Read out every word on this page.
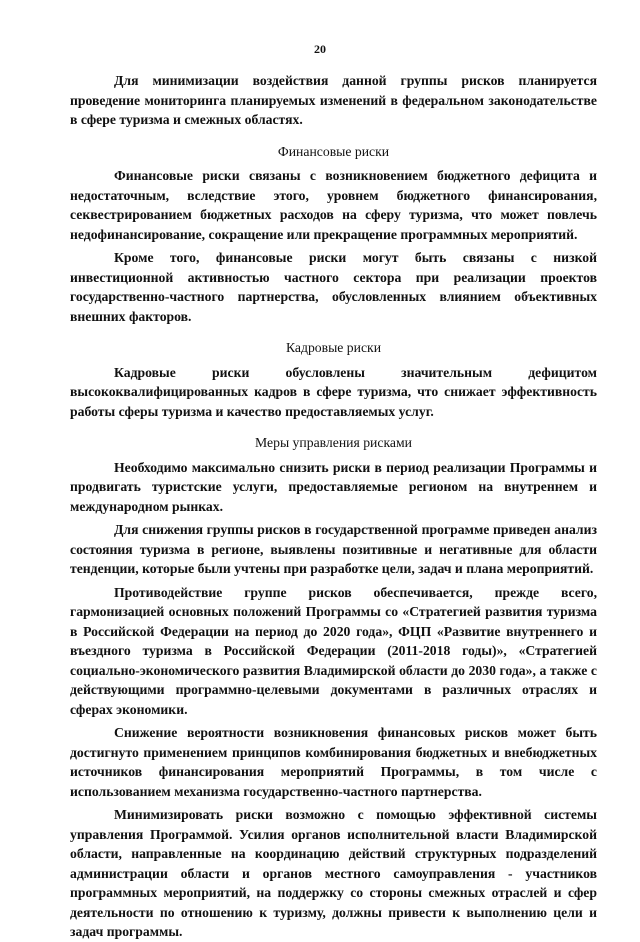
20

Для минимизации воздействия данной группы рисков планируется проведение мониторинга планируемых изменений в федеральном законодательстве в сфере туризма и смежных областях.

Финансовые риски

Финансовые риски связаны с возникновением бюджетного дефицита и недостаточным, вследствие этого, уровнем бюджетного финансирования, секвестрированием бюджетных расходов на сферу туризма, что может повлечь недофинансирование, сокращение или прекращение программных мероприятий.

Кроме того, финансовые риски могут быть связаны с низкой инвестиционной активностью частного сектора при реализации проектов государственно-частного партнерства, обусловленных влиянием объективных внешних факторов.

Кадровые риски

Кадровые риски обусловлены значительным дефицитом высококвалифицированных кадров в сфере туризма, что снижает эффективность работы сферы туризма и качество предоставляемых услуг.

Меры управления рисками

Необходимо максимально снизить риски в период реализации Программы и продвигать туристские услуги, предоставляемые регионом на внутреннем и международном рынках.

Для снижения группы рисков в государственной программе приведен анализ состояния туризма в регионе, выявлены позитивные и негативные для области тенденции, которые были учтены при разработке цели, задач и плана мероприятий.

Противодействие группе рисков обеспечивается, прежде всего, гармонизацией основных положений Программы со «Стратегией развития туризма в Российской Федерации на период до 2020 года», ФЦП «Развитие внутреннего и въездного туризма в Российской Федерации (2011-2018 годы)», «Стратегией социально-экономического развития Владимирской области до 2030 года», а также с действующими программно-целевыми документами в различных отраслях и сферах экономики.

Снижение вероятности возникновения финансовых рисков может быть достигнуто применением принципов комбинирования бюджетных и внебюджетных источников финансирования мероприятий Программы, в том числе с использованием механизма государственно-частного партнерства.

Минимизировать риски возможно с помощью эффективной системы управления Программой. Усилия органов исполнительной власти Владимирской области, направленные на координацию действий структурных подразделений администрации области и органов местного самоуправления - участников программных мероприятий, на поддержку со стороны смежных отраслей и сфер деятельности по отношению к туризму, должны привести к выполнению цели и задач программы.
